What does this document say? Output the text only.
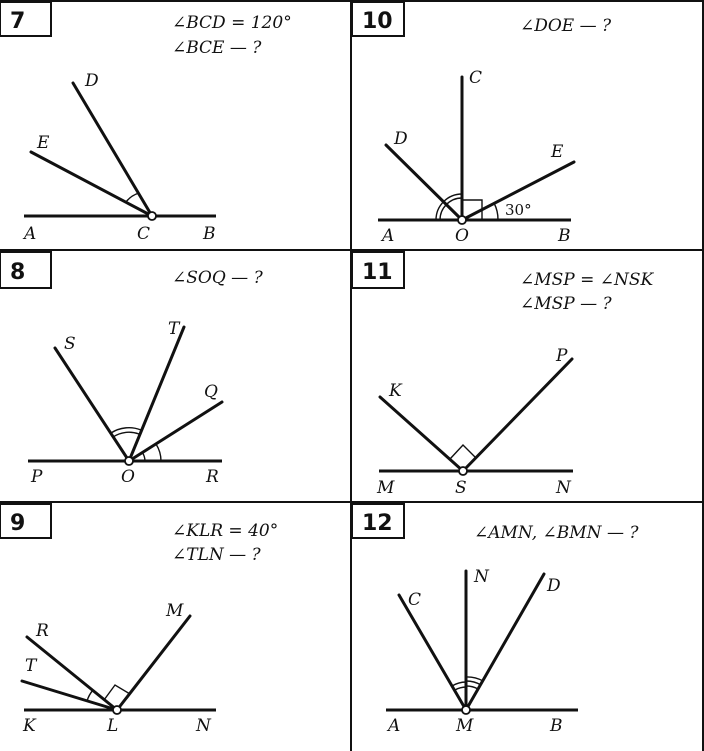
7	∠BCD = 120°
∠BCE — ?
D
E
A	C	B
10	∠DOE — ?
30°
C
D
E
A	O	B
8	∠SOQ — ?
S
T
Q
P	O	R
11	∠MSP = ∠NSK
∠MSP — ?
K
P
M	S	N
9	∠KLR = 40°
∠TLN — ?
R
T
M
K	L	N
12	∠AMN, ∠BMN — ?
C
N	D
A	M	B
